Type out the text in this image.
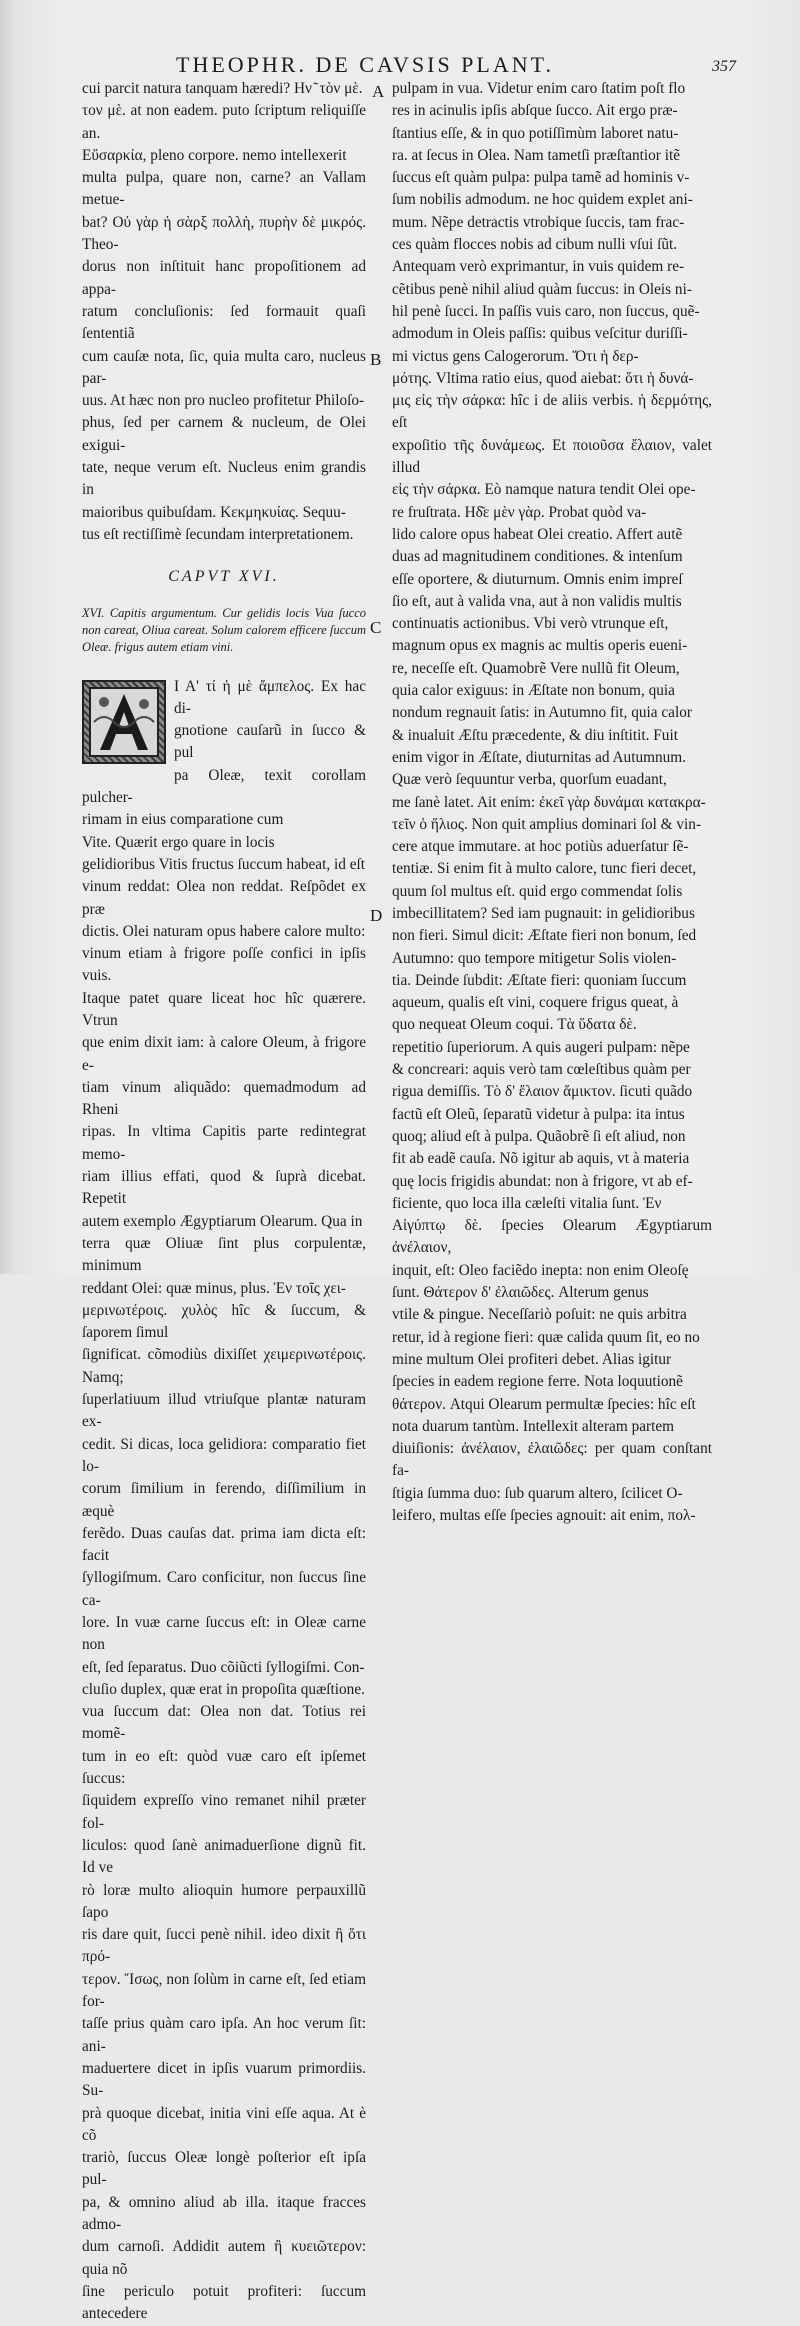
THEOPHR. DE CAVSIS PLANT.	357

cui parcit natura tanquam hæredi? Hν ͂ τὸν μὲ.

τον μὲ. at non eadem. puto ſcriptum reliquiſſe an.

Εὔσαρκία, pleno corpore. nemo intellexerit

multa pulpa, quare non, carne? an Vallam metue-

bat? Οὐ γὰρ ἡ σὰρξ πολλὴ, πυρὴν δὲ μικρός. Theo-

dorus non inſtituit hanc propoſitionem ad appa-

ratum concluſionis: ſed formauit quaſi ſententiã

cum cauſæ nota, ſic, quia multa caro, nucleus par-

uus. At hæc non pro nucleo profitetur Philoſo-

phus, ſed per carnem & nucleum, de Olei exigui-

tate, neque verum eſt. Nucleus enim grandis in

maioribus quibuſdam. Κεκμηκυίας. Sequu-

tus eſt rectiſſimè ſecundam interpretationem.

CAPVT XVI.

XVI. Capitis argumentum. Cur gelidis locis Vua ſucco non careat, Oliua careat. Solum calorem efficere ſuccum Oleæ. frigus autem etiam vini.

I A' τί ἡ μὲ ἄμπελος. Ex hac di-

gnotione cauſarũ in ſucco & pul

pa Oleæ, texit corollam pulcher-

rimam in eius comparatione cum

Vite. Quærit ergo quare in locis

gelidioribus Vitis fructus ſuccum habeat, id eſt

vinum reddat: Olea non reddat. Reſpõdet ex præ

dictis. Olei naturam opus habere calore multo:

vinum etiam à frigore poſſe confici in ipſis vuis.

Itaque patet quare liceat hoc hîc quærere. Vtrun

que enim dixit iam: à calore Oleum, à frigore e-

tiam vinum aliquãdo: quemadmodum ad Rheni

ripas. In vltima Capitis parte redintegrat memo-

riam illius effati, quod & ſuprà dicebat. Repetit

autem exemplo Ægyptiarum Olearum. Qua in

terra quæ Oliuæ ſint plus corpulentæ, minimum

reddant Olei: quæ minus, plus. Ἐν τοῖς χει-

μερινωτέροις. χυλὸς hîc & ſuccum, & ſaporem ſimul

ſignificat. cõmodiùs dixiſſet χειμερινωτέροις. Namq;

ſuperlatiuum illud vtriuſque plantæ naturam ex-

cedit. Si dicas, loca gelidiora: comparatio fiet lo-

corum ſimilium in ferendo, diſſimilium in æquè

ferẽdo. Duas cauſas dat. prima iam dicta eſt: facit

ſyllogiſmum. Caro conficitur, non ſuccus ſine ca-

lore. In vuæ carne ſuccus eſt: in Oleæ carne non

eſt, ſed ſeparatus. Duo cõiũcti ſyllogiſmi. Con-

cluſio duplex, quæ erat in propoſita quæſtione.

vua ſuccum dat: Olea non dat. Totius rei momẽ-

tum in eo eſt: quòd vuæ caro eſt ipſemet ſuccus:

ſiquidem expreſſo vino remanet nihil præter fol-

liculos: quod ſanè animaduerſione dignũ fit. Id ve

rò loræ multo alioquin humore perpauxillũ ſapo

ris dare quit, ſucci penè nihil. ideo dixit ἢ ὅτι πρό-

τερον. Ἴσως, non ſolùm in carne eſt, ſed etiam for-

taſſe prius quàm caro ipſa. An hoc verum ſit: ani-

maduertere dicet in ipſis vuarum primordiis. Su-

prà quoque dicebat, initia vini eſſe aqua. At è cõ

trariò, ſuccus Oleæ longè poſterior eſt ipſa pul-

pa, & omnino aliud ab illa. itaque fracces admo-

dum carnoſi. Addidit autem ἢ κυειῶτερον: quia nõ

ſine periculo potuit profiteri: ſuccum antecedere

A
B
C
D

pulpam in vua. Videtur enim caro ſtatim poſt flo

res in acinulis ipſis abſque ſucco. Ait ergo præ-

ſtantius eſſe, & in quo potiſſimùm laboret natu-

ra. at ſecus in Olea. Nam tametſi præſtantior itẽ

ſuccus eſt quàm pulpa: pulpa tamẽ ad hominis v-

ſum nobilis admodum. ne hoc quidem explet ani-

mum. Nẽpe detractis vtrobique ſuccis, tam frac-

ces quàm flocces nobis ad cibum nulli vſui ſũt.

Antequam verò exprimantur, in vuis quidem re-

cẽtibus penè nihil aliud quàm ſuccus: in Oleis ni-

hil penè ſucci. In paſſis vuis caro, non ſuccus, quẽ-

admodum in Oleis paſſis: quibus veſcitur duriſſi-

mi victus gens Calogerorum. Ὅτι ἡ δερ-

μότης. Vltima ratio eius, quod aiebat: ὅτι ἡ δυνά-

μις εἰς τὴν σάρκα: hîc i de aliis verbis. ἡ δερμότης, eſt

expoſitio τῆς δυνάμεως. Et ποιοῦσα ἔλαιον, valet illud

εἰς τὴν σάρκα. Eò namque natura tendit Olei ope-

re fruſtrata. Ηδ͂ε μὲν γὰρ. Probat quòd va-

lido calore opus habeat Olei creatio. Affert autẽ

duas ad magnitudinem conditiones. & intenſum

eſſe oportere, & diuturnum. Omnis enim impreſ

ſio eſt, aut à valida vna, aut à non validis multis

continuatis actionibus. Vbi verò vtrunque eſt,

magnum opus ex magnis ac multis operis eueni-

re, neceſſe eſt. Quamobrẽ Vere nullũ fit Oleum,

quia calor exiguus: in Æſtate non bonum, quia

nondum regnauit ſatis: in Autumno fit, quia calor

& inualuit Æſtu præcedente, & diu inſtitit. Fuit

enim vigor in Æſtate, diuturnitas ad Autumnum.

Quæ verò ſequuntur verba, quorſum euadant,

me ſanè latet. Ait enim: ἐκεῖ γὰρ δυνάμαι κατακρα-

τεῖν ὁ ἥλιος. Non quit amplius dominari ſol & vin-

cere atque immutare. at hoc potiùs aduerſatur ſẽ-

tentiæ. Si enim fit à multo calore, tunc fieri decet,

quum ſol multus eſt. quid ergo commendat ſolis

imbecillitatem? Sed iam pugnauit: in gelidioribus

non fieri. Simul dicit: Æſtate fieri non bonum, ſed

Autumno: quo tempore mitigetur Solis violen-

tia. Deinde ſubdit: Æſtate fieri: quoniam ſuccum

aqueum, qualis eſt vini, coquere frigus queat, à

quo nequeat Oleum coqui. Τὰ ὕδατα δὲ.

repetitio ſuperiorum. A quis augeri pulpam: nẽpe

& concreari: aquis verò tam cœleſtibus quàm per

rigua demiſſis. Τὸ δ' ἔλαιον ἄμικτον. ſicuti quãdo

factũ eſt Oleũ, ſeparatũ videtur à pulpa: ita intus

quoq; aliud eſt à pulpa. Quãobrẽ ſi eſt aliud, non

fit ab eadẽ cauſa. Nõ igitur ab aquis, vt à materia

quę locis frigidis abundat: non à frigore, vt ab ef-

ficiente, quo loca illa cæleſti vitalia ſunt. Ἐν

Αἰγύπτῳ δὲ. ſpecies Olearum Ægyptiarum ἀνέλαιον,

inquit, eſt: Oleo faciẽdo inepta: non enim Oleoſę

ſunt. Θάτερον δ' ἐλαιῶδες. Alterum genus

vtile & pingue. Neceſſariò poſuit: ne quis arbitra

retur, id à regione fieri: quæ calida quum ſit, eo no

mine multum Olei profiteri debet. Alias igitur

ſpecies in eadem regione ferre. Nota loquutionẽ

θάτερον. Atqui Olearum permultæ ſpecies: hîc eſt

nota duarum tantùm. Intellexit alteram partem

diuiſionis: ἀνέλαιον, ἐλαιῶδες: per quam conſtant fa-

ſtigia ſumma duo: ſub quarum altero, ſcilicet O-

leifero, multas eſſe ſpecies agnouit: ait enim, πολ-
